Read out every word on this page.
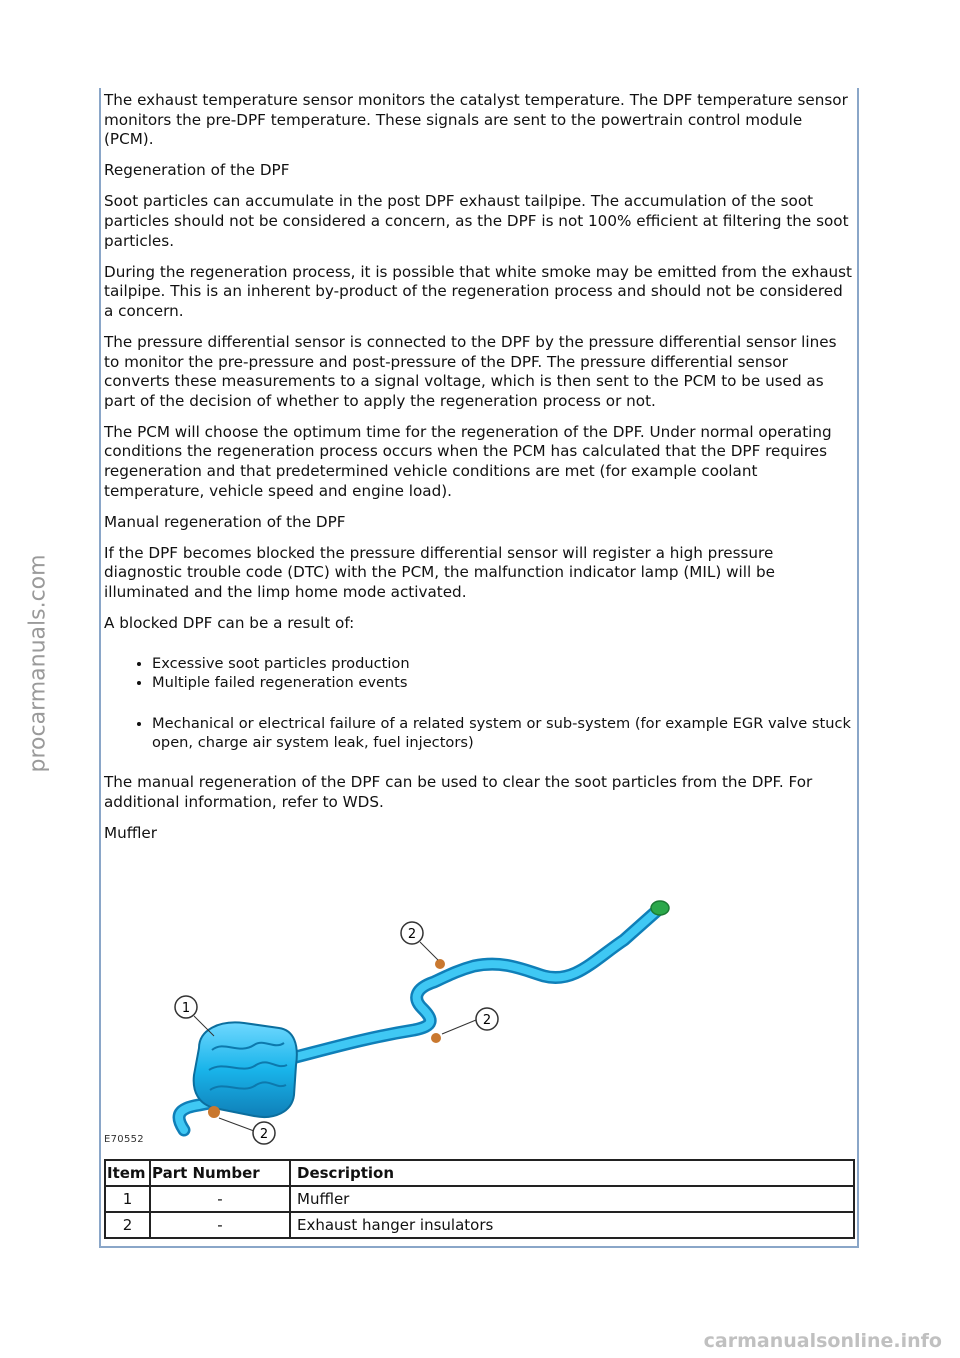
The exhaust temperature sensor monitors the catalyst temperature. The DPF temperature sensor monitors the pre-DPF temperature. These signals are sent to the powertrain control module (PCM).

Regeneration of the DPF

Soot particles can accumulate in the post DPF exhaust tailpipe. The accumulation of the soot particles should not be considered a concern, as the DPF is not 100% efficient at filtering the soot particles.

During the regeneration process, it is possible that white smoke may be emitted from the exhaust tailpipe. This is an inherent by-product of the regeneration process and should not be considered a concern.

The pressure differential sensor is connected to the DPF by the pressure differential sensor lines to monitor the pre-pressure and post-pressure of the DPF. The pressure differential sensor converts these measurements to a signal voltage, which is then sent to the PCM to be used as part of the decision of whether to apply the regeneration process or not.

The PCM will choose the optimum time for the regeneration of the DPF. Under normal operating conditions the regeneration process occurs when the PCM has calculated that the DPF requires regeneration and that predetermined vehicle conditions are met (for example coolant temperature, vehicle speed and engine load).

Manual regeneration of the DPF

If the DPF becomes blocked the pressure differential sensor will register a high pressure diagnostic trouble code (DTC) with the PCM, the malfunction indicator lamp (MIL) will be illuminated and the limp home mode activated.

A blocked DPF can be a result of:

• Excessive soot particles production
• Multiple failed regeneration events
• Mechanical or electrical failure of a related system or sub-system (for example EGR valve stuck open, charge air system leak, fuel injectors)

The manual regeneration of the DPF can be used to clear the soot particles from the DPF. For additional information, refer to WDS.

Muffler

1
2
2
2
E70552
Item	Part Number	Description
1	-	Muffler
2	-	Exhaust hanger insulators
procarmanuals.com
carmanualsonline.info
